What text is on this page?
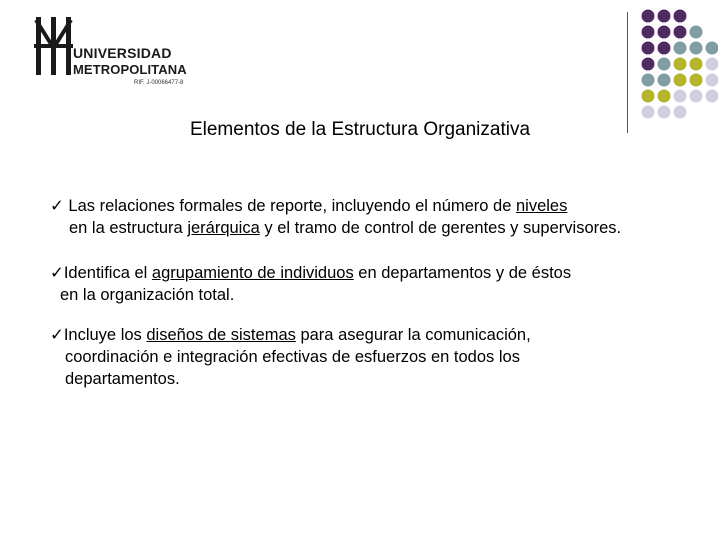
UNIVERSIDAD
METROPOLITANA
RIF. J-00066477-8
Elementos de la Estructura Organizativa
✓ Las relaciones formales de reporte, incluyendo el número de niveles
en la estructura jerárquica y el tramo de control de gerentes y supervisores.
✓Identifica el agrupamiento de individuos en departamentos y de éstos
en la organización total.
✓Incluye los diseños de sistemas para asegurar la comunicación,
coordinación e integración efectivas de esfuerzos en todos los
departamentos.
